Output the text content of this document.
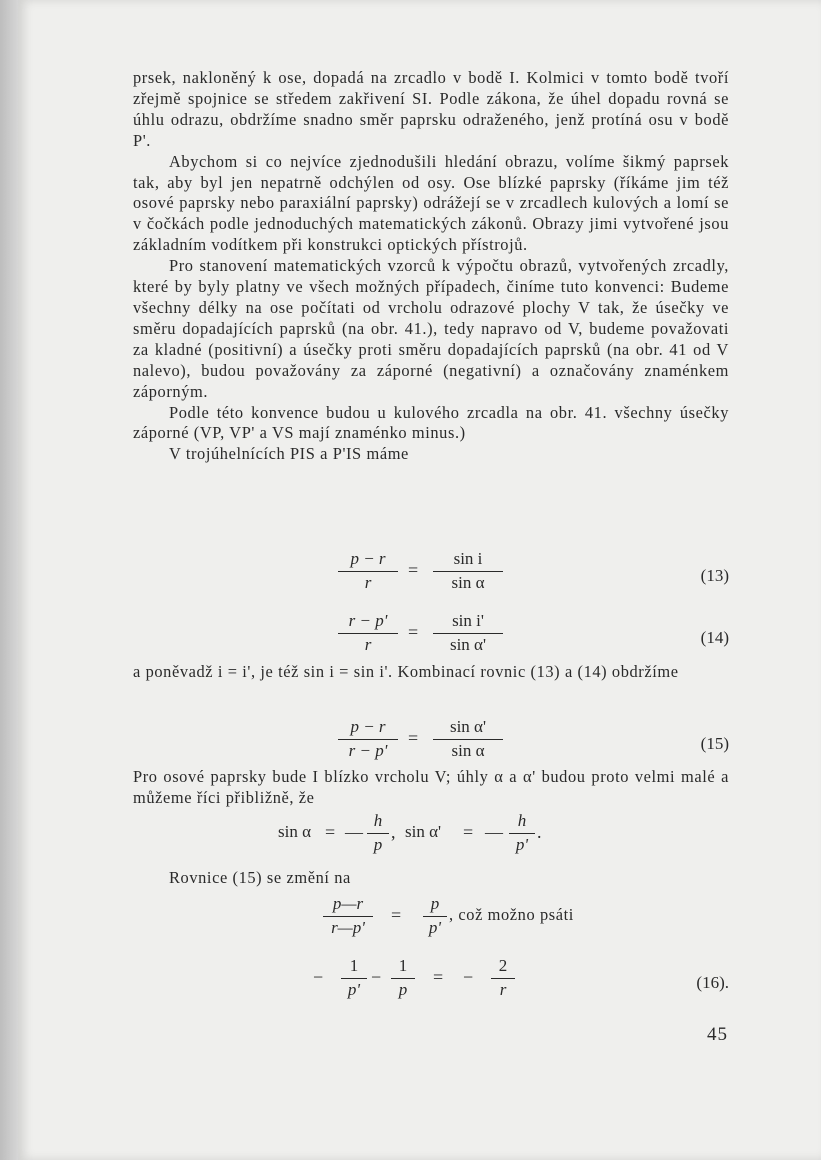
prsek, nakloněný k ose, dopadá na zrcadlo v bodě I. Kolmici v tomto bodě tvoří zřejmě spojnice se středem zakřivení SI. Podle zákona, že úhel dopadu rovná se úhlu odrazu, obdržíme snadno směr paprsku odraženého, jenž protíná osu v bodě P'.

Abychom si co nejvíce zjednodušili hledání obrazu, volíme šikmý paprsek tak, aby byl jen nepatrně odchýlen od osy. Ose blízké paprsky (říkáme jim též osové paprsky nebo paraxiální paprsky) odrážejí se v zrcadlech kulových a lomí se v čočkách podle jednoduchých matematických zákonů. Obrazy jimi vytvořené jsou základním vodítkem při konstrukci optických přístrojů.

Pro stanovení matematických vzorců k výpočtu obrazů, vytvořených zrcadly, které by byly platny ve všech možných případech, činíme tuto konvenci: Budeme všechny délky na ose počítati od vrcholu odrazové plochy V tak, že úsečky ve směru dopadajících paprsků (na obr. 41.), tedy napravo od V, budeme považovati za kladné (positivní) a úsečky proti směru dopadajících paprsků (na obr. 41 od V nalevo), budou považovány za záporné (negativní) a označovány znaménkem záporným.

Podle této konvence budou u kulového zrcadla na obr. 41. všechny úsečky záporné (VP, VP' a VS mají znaménko minus.)

V trojúhelnících PIS a P'IS máme

p − r
r
=
sin i
sin α	(13)
r − p'
r
=
sin i'
sin α'	(14)

a poněvadž i = i', je též sin i = sin i'. Kombinací rovnic (13) a (14) obdržíme

p − r
r − p'
=
sin α'
sin α	(15)

Pro osové paprsky bude I blízko vrcholu V; úhly α a α' budou proto velmi malé a můžeme říci přibližně, že

sin α = —
h
p
, sin α' = —
h
p'
.

Rovnice (15) se změní na

p—r
r—p'
=
p
p'
, což možno psáti
−
1
p'
−
1
p
= −
2
r	(16).
45
